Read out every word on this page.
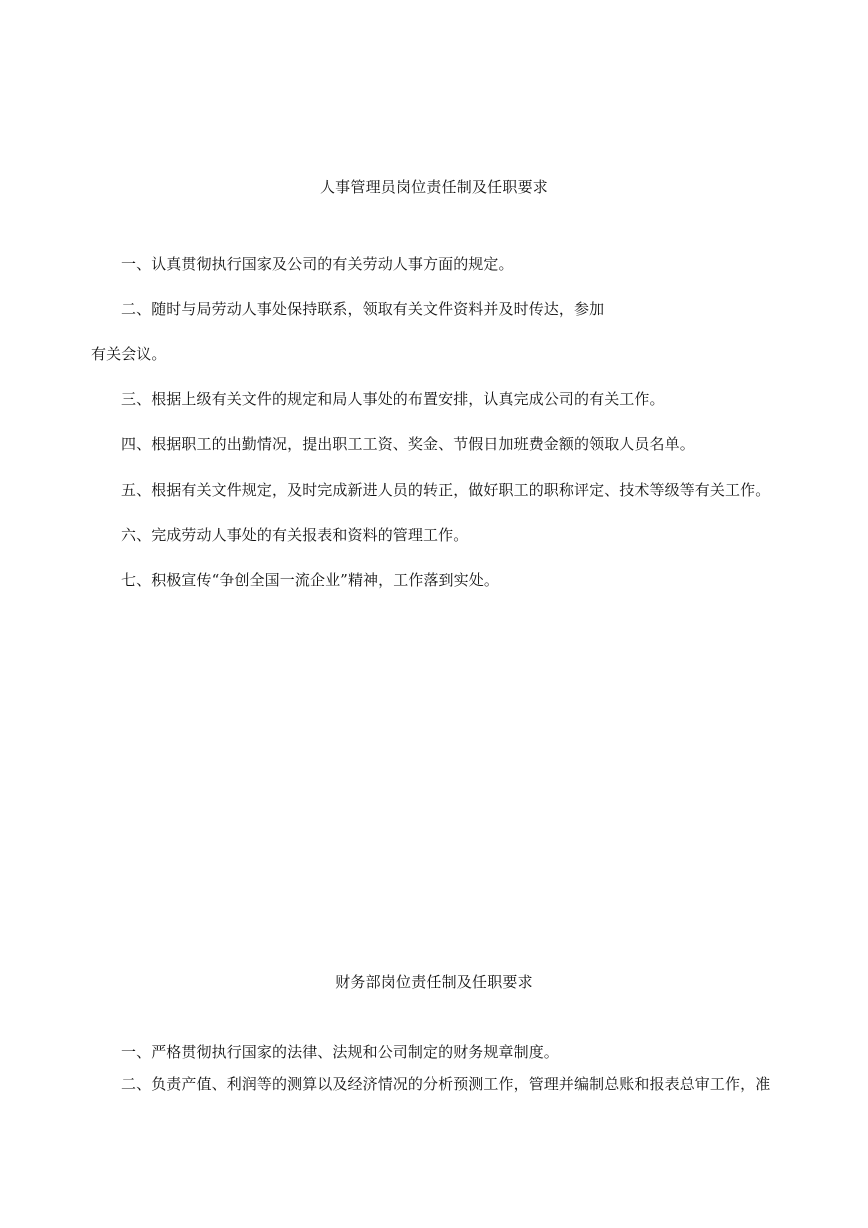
人事管理员岗位责任制及任职要求
一、认真贯彻执行国家及公司的有关劳动人事方面的规定。
二、随时与局劳动人事处保持联系，领取有关文件资料并及时传达，参加
有关会议。
三、根据上级有关文件的规定和局人事处的布置安排，认真完成公司的有关工作。
四、根据职工的出勤情况，提出职工工资、奖金、节假日加班费金额的领取人员名单。
五、根据有关文件规定，及时完成新进人员的转正，做好职工的职称评定、技术等级等有关工作。
六、完成劳动人事处的有关报表和资料的管理工作。
七、积极宣传“争创全国一流企业”精神，工作落到实处。
财务部岗位责任制及任职要求
一、严格贯彻执行国家的法律、法规和公司制定的财务规章制度。
二、负责产值、利润等的测算以及经济情况的分析预测工作，管理并编制总账和报表总审工作，准
